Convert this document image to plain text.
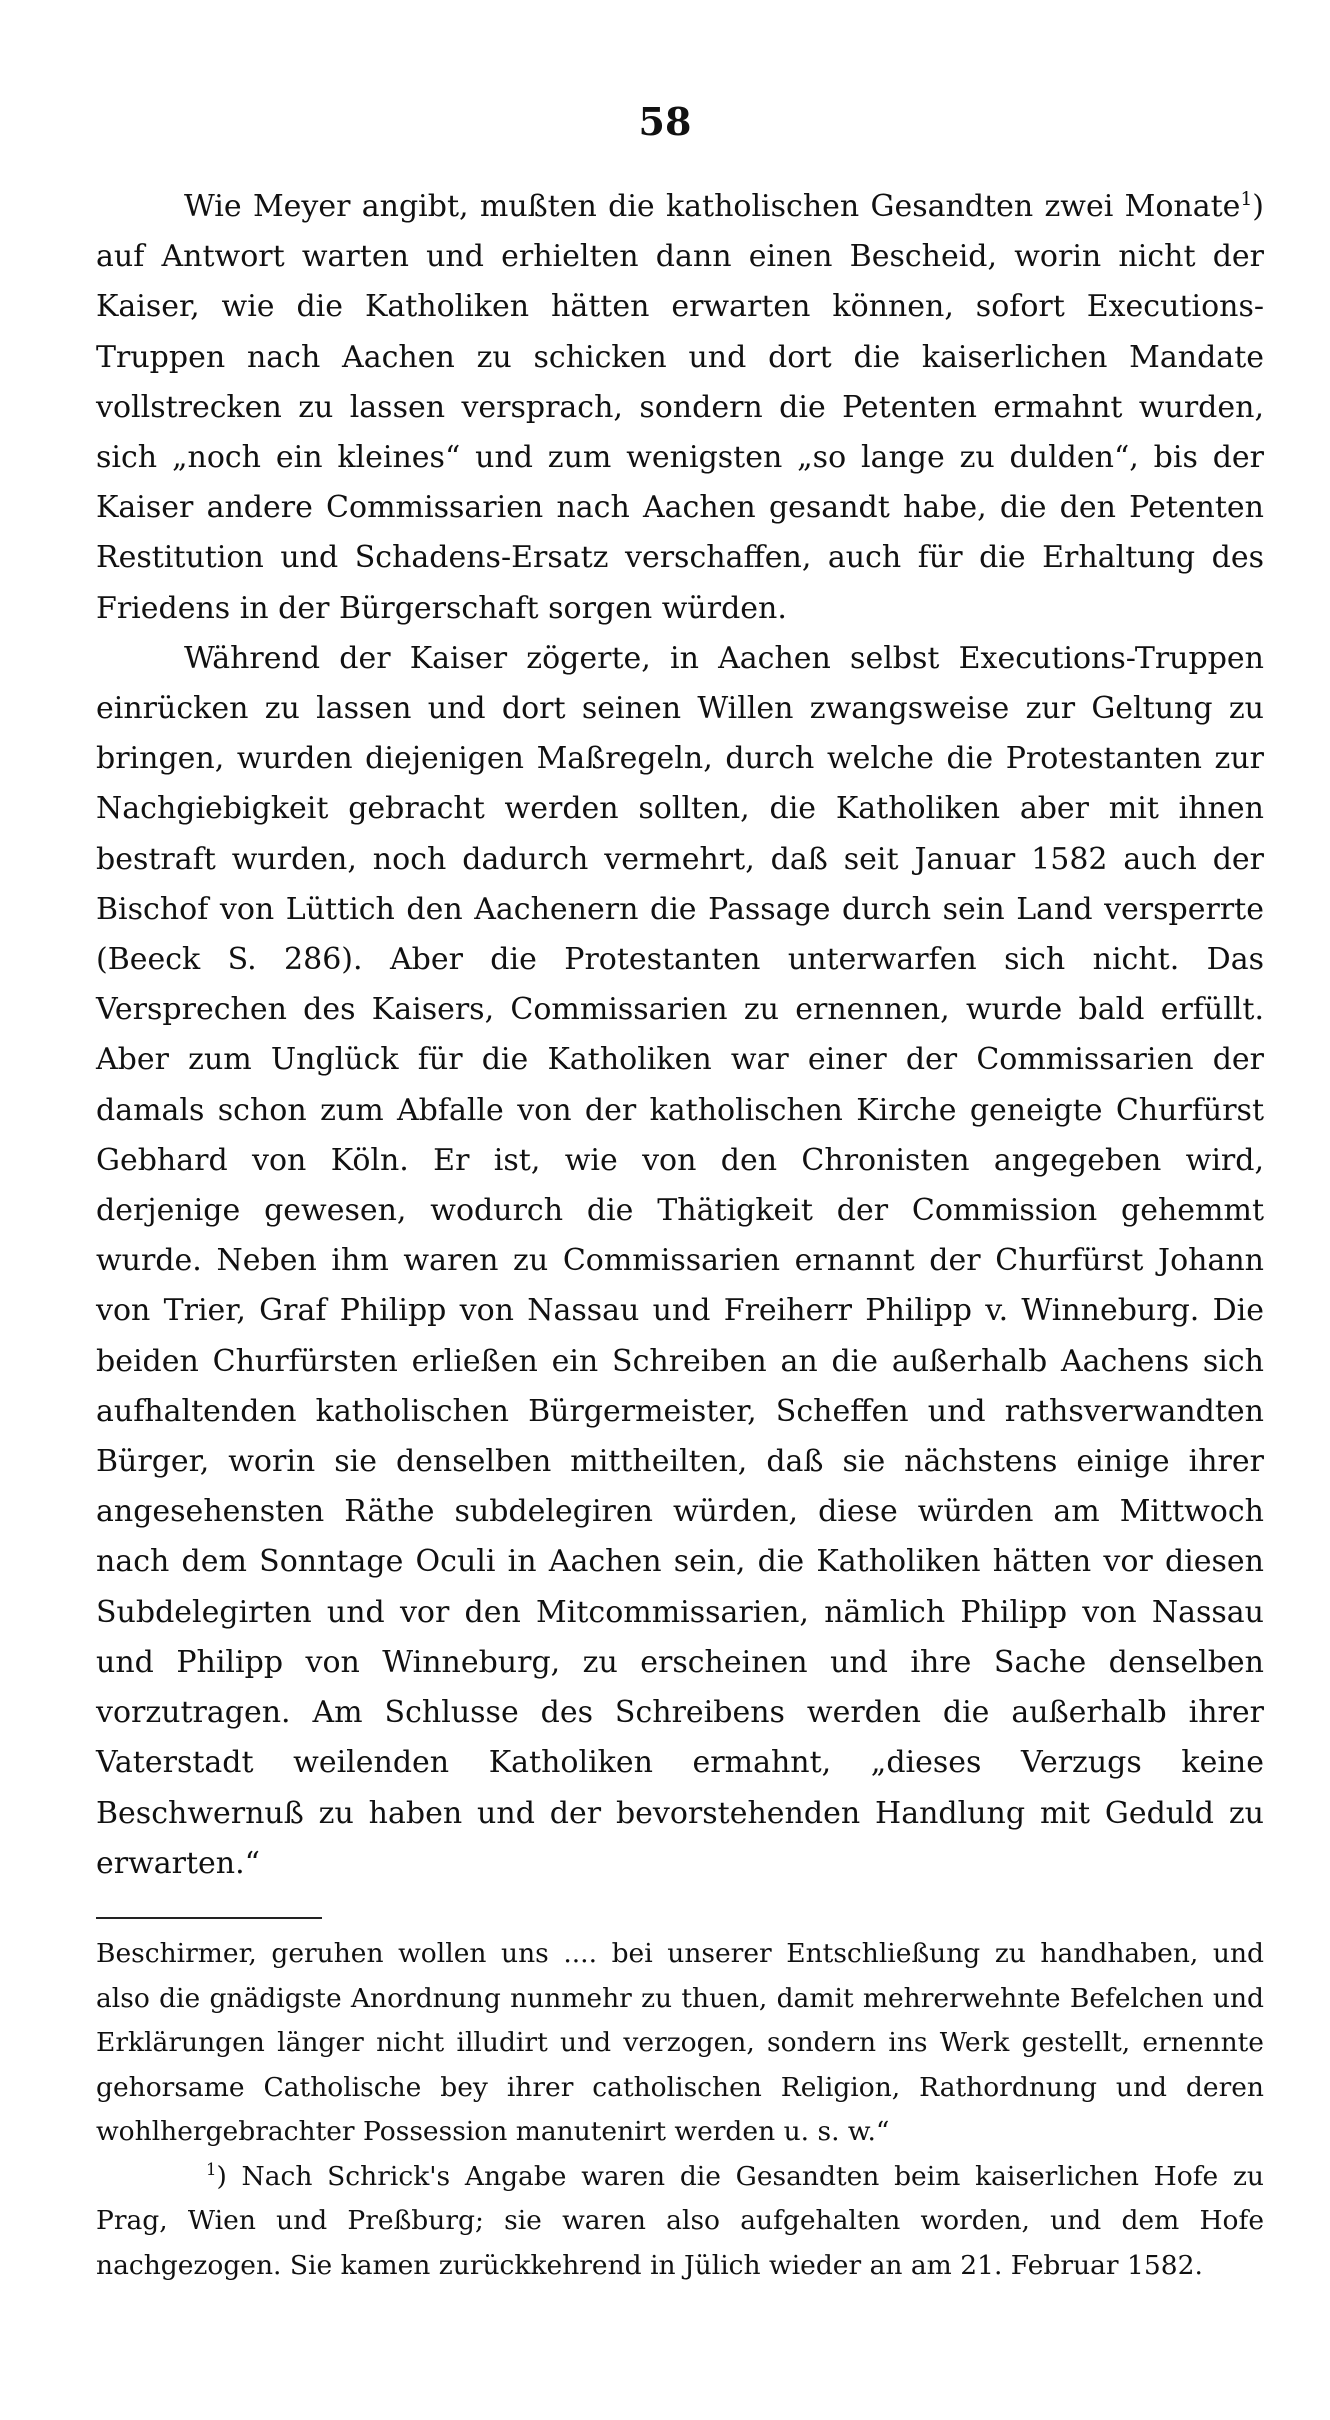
58

Wie Meyer angibt, mußten die katholischen Gesandten zwei Monate$^1$) auf Antwort warten und erhielten dann einen Bescheid, worin nicht der Kaiser, wie die Katholiken hätten erwarten können, sofort Executions-Truppen nach Aachen zu schicken und dort die kaiserlichen Mandate vollstrecken zu lassen versprach, sondern die Petenten ermahnt wurden, sich „noch ein kleines“ und zum wenigsten „so lange zu dulden“, bis der Kaiser andere Commissarien nach Aachen gesandt habe, die den Petenten Restitution und Schadens-Ersatz verschaffen, auch für die Erhaltung des Friedens in der Bürgerschaft sorgen würden.

Während der Kaiser zögerte, in Aachen selbst Executions-Truppen einrücken zu lassen und dort seinen Willen zwangsweise zur Geltung zu bringen, wurden diejenigen Maßregeln, durch welche die Protestanten zur Nachgiebigkeit gebracht werden sollten, die Katholiken aber mit ihnen bestraft wurden, noch dadurch vermehrt, daß seit Januar 1582 auch der Bischof von Lüttich den Aachenern die Passage durch sein Land versperrte (Beeck S. 286). Aber die Protestanten unterwarfen sich nicht. Das Versprechen des Kaisers, Commissarien zu ernennen, wurde bald erfüllt. Aber zum Unglück für die Katholiken war einer der Commissarien der damals schon zum Abfalle von der katholischen Kirche geneigte Churfürst Gebhard von Köln. Er ist, wie von den Chronisten angegeben wird, derjenige gewesen, wodurch die Thätigkeit der Commission gehemmt wurde. Neben ihm waren zu Commissarien ernannt der Churfürst Johann von Trier, Graf Philipp von Nassau und Freiherr Philipp v. Winneburg. Die beiden Churfürsten erließen ein Schreiben an die außerhalb Aachens sich aufhaltenden katholischen Bürgermeister, Scheffen und rathsverwandten Bürger, worin sie denselben mittheilten, daß sie nächstens einige ihrer angesehensten Räthe subdelegiren würden, diese würden am Mittwoch nach dem Sonntage Oculi in Aachen sein, die Katholiken hätten vor diesen Subdelegirten und vor den Mitcommissarien, nämlich Philipp von Nassau und Philipp von Winneburg, zu erscheinen und ihre Sache denselben vorzutragen. Am Schlusse des Schreibens werden die außerhalb ihrer Vaterstadt weilenden Katholiken ermahnt, „dieses Verzugs keine Beschwernuß zu haben und der bevorstehenden Handlung mit Geduld zu erwarten.“

Beschirmer, geruhen wollen uns .... bei unserer Entschließung zu handhaben, und also die gnädigste Anordnung nunmehr zu thuen, damit mehrerwehnte Befelchen und Erklärungen länger nicht illudirt und verzogen, sondern ins Werk gestellt, ernennte gehorsame Catholische bey ihrer catholischen Religion, Rathordnung und deren wohlhergebrachter Possession manutenirt werden u. s. w.“

$^1$) Nach Schrick's Angabe waren die Gesandten beim kaiserlichen Hofe zu Prag, Wien und Preßburg; sie waren also aufgehalten worden, und dem Hofe nachgezogen. Sie kamen zurückkehrend in Jülich wieder an am 21. Februar 1582.
